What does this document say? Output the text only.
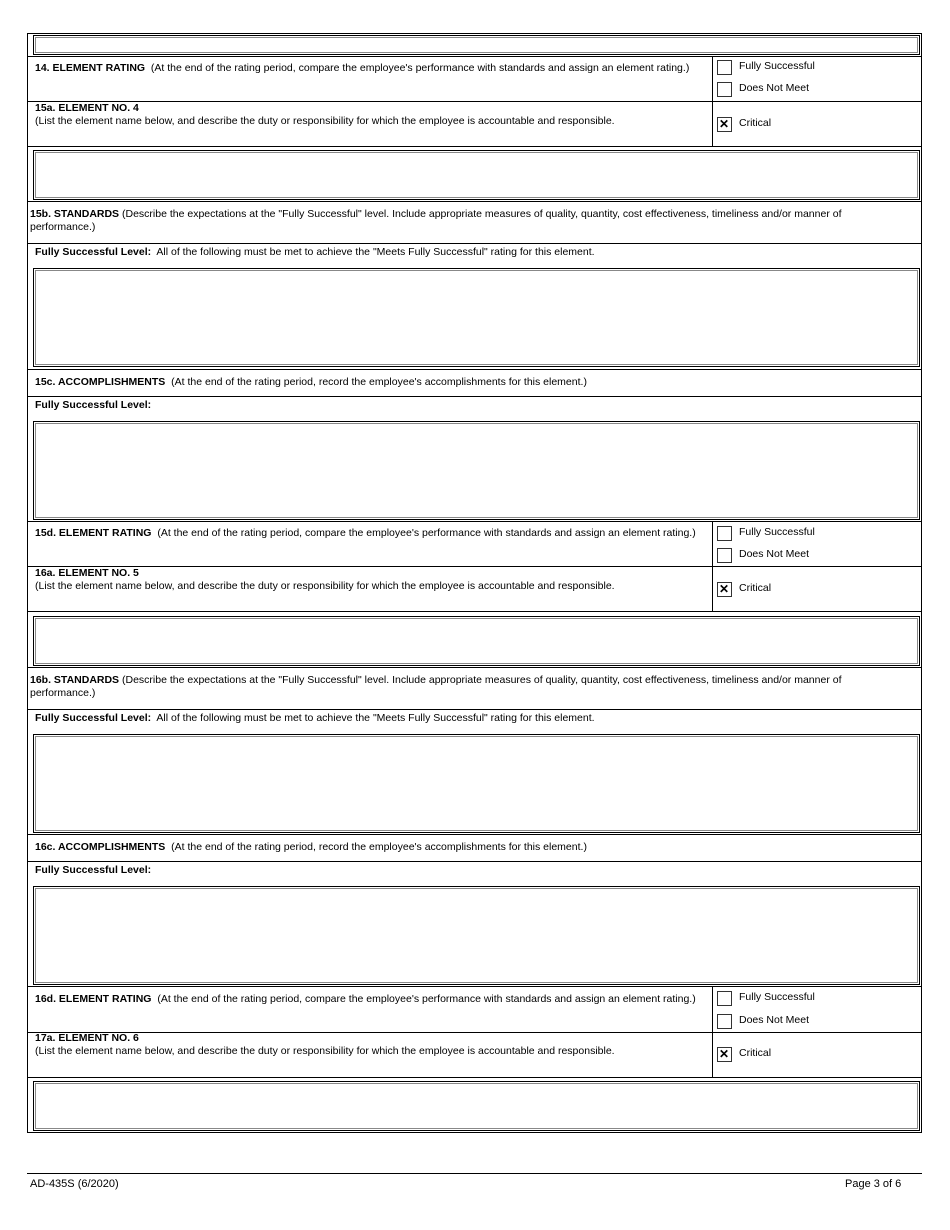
14. ELEMENT RATING (At the end of the rating period, compare the employee's performance with standards and assign an element rating.)	Fully Successful
Does Not Meet
15a. ELEMENT NO. 4
(List the element name below, and describe the duty or responsibility for which the employee is accountable and responsible. ✕	Critical
15b. STANDARDS (Describe the expectations at the "Fully Successful" level. Include appropriate measures of quality, quantity, cost effectiveness, timeliness and/or manner of performance.)
Fully Successful Level: All of the following must be met to achieve the "Meets Fully Successful" rating for this element.
15c. ACCOMPLISHMENTS (At the end of the rating period, record the employee's accomplishments for this element.)
Fully Successful Level:
15d. ELEMENT RATING (At the end of the rating period, compare the employee's performance with standards and assign an element rating.)	Fully Successful
Does Not Meet
16a. ELEMENT NO. 5
(List the element name below, and describe the duty or responsibility for which the employee is accountable and responsible. ✕	Critical
16b. STANDARDS (Describe the expectations at the "Fully Successful" level. Include appropriate measures of quality, quantity, cost effectiveness, timeliness and/or manner of performance.)
Fully Successful Level: All of the following must be met to achieve the "Meets Fully Successful" rating for this element.
16c. ACCOMPLISHMENTS (At the end of the rating period, record the employee's accomplishments for this element.)
Fully Successful Level:
16d. ELEMENT RATING (At the end of the rating period, compare the employee's performance with standards and assign an element rating.)	Fully Successful
Does Not Meet
17a. ELEMENT NO. 6
(List the element name below, and describe the duty or responsibility for which the employee is accountable and responsible. ✕	Critical
AD-435S (6/2020)	Page 3 of 6
